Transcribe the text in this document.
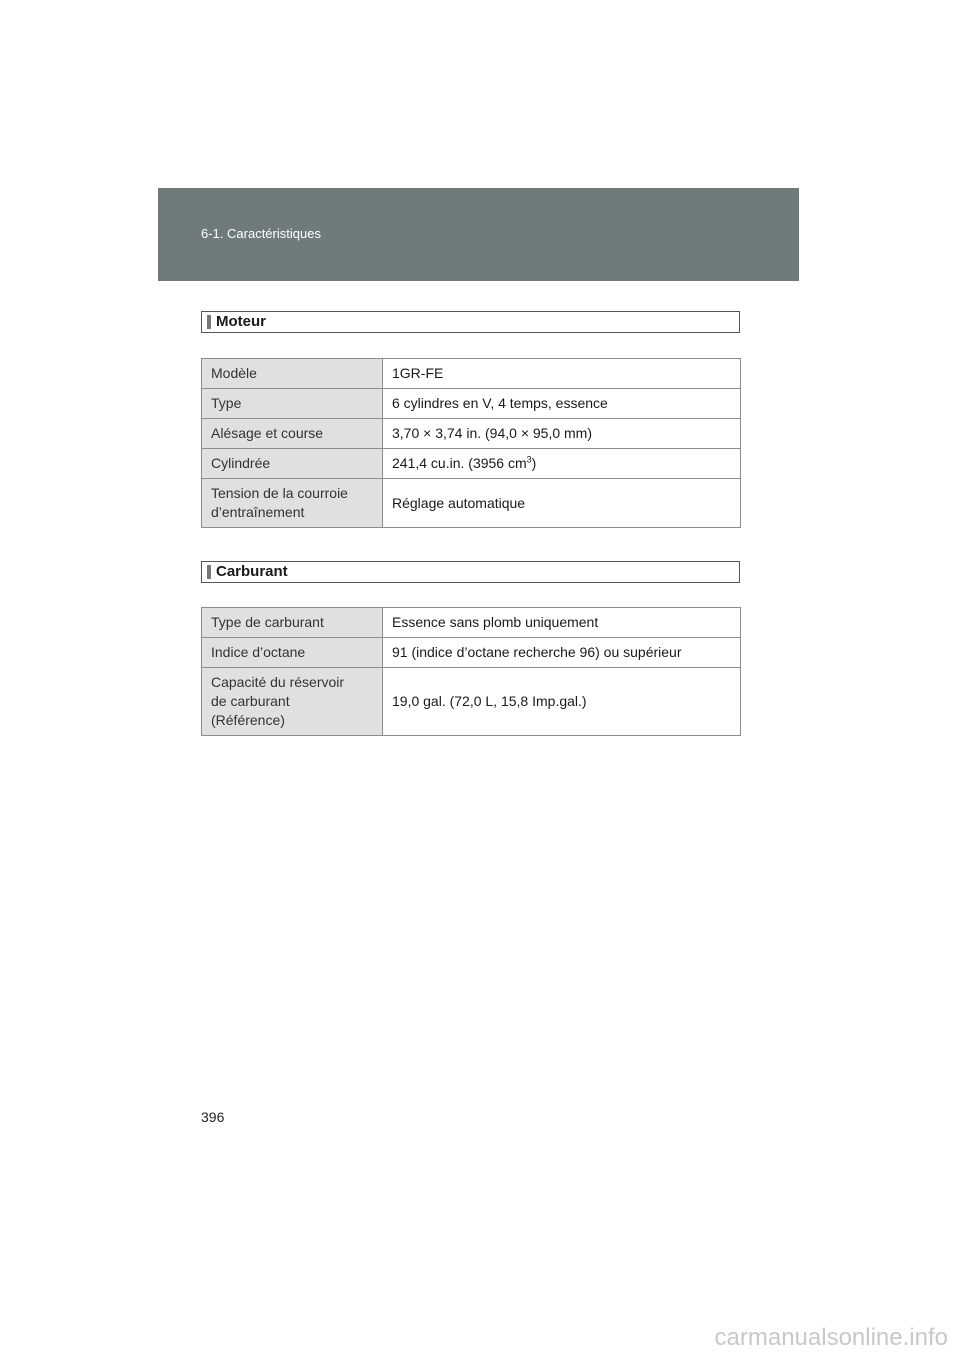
6-1. Caractéristiques
Moteur
Modèle	1GR-FE
Type	6 cylindres en V, 4 temps, essence
Alésage et course	3,70 × 3,74 in. (94,0 × 95,0 mm)
Cylindrée	241,4 cu.in. (3956 $cm^3$)
Tension de la courroie
d’entraînement	Réglage automatique
Carburant
Type de carburant	Essence sans plomb uniquement
Indice d’octane	91 (indice d’octane recherche 96) ou supérieur
Capacité du réservoir
de carburant
(Référence)	19,0 gal. (72,0 L, 15,8 Imp.gal.)
396
carmanualsonline.info
